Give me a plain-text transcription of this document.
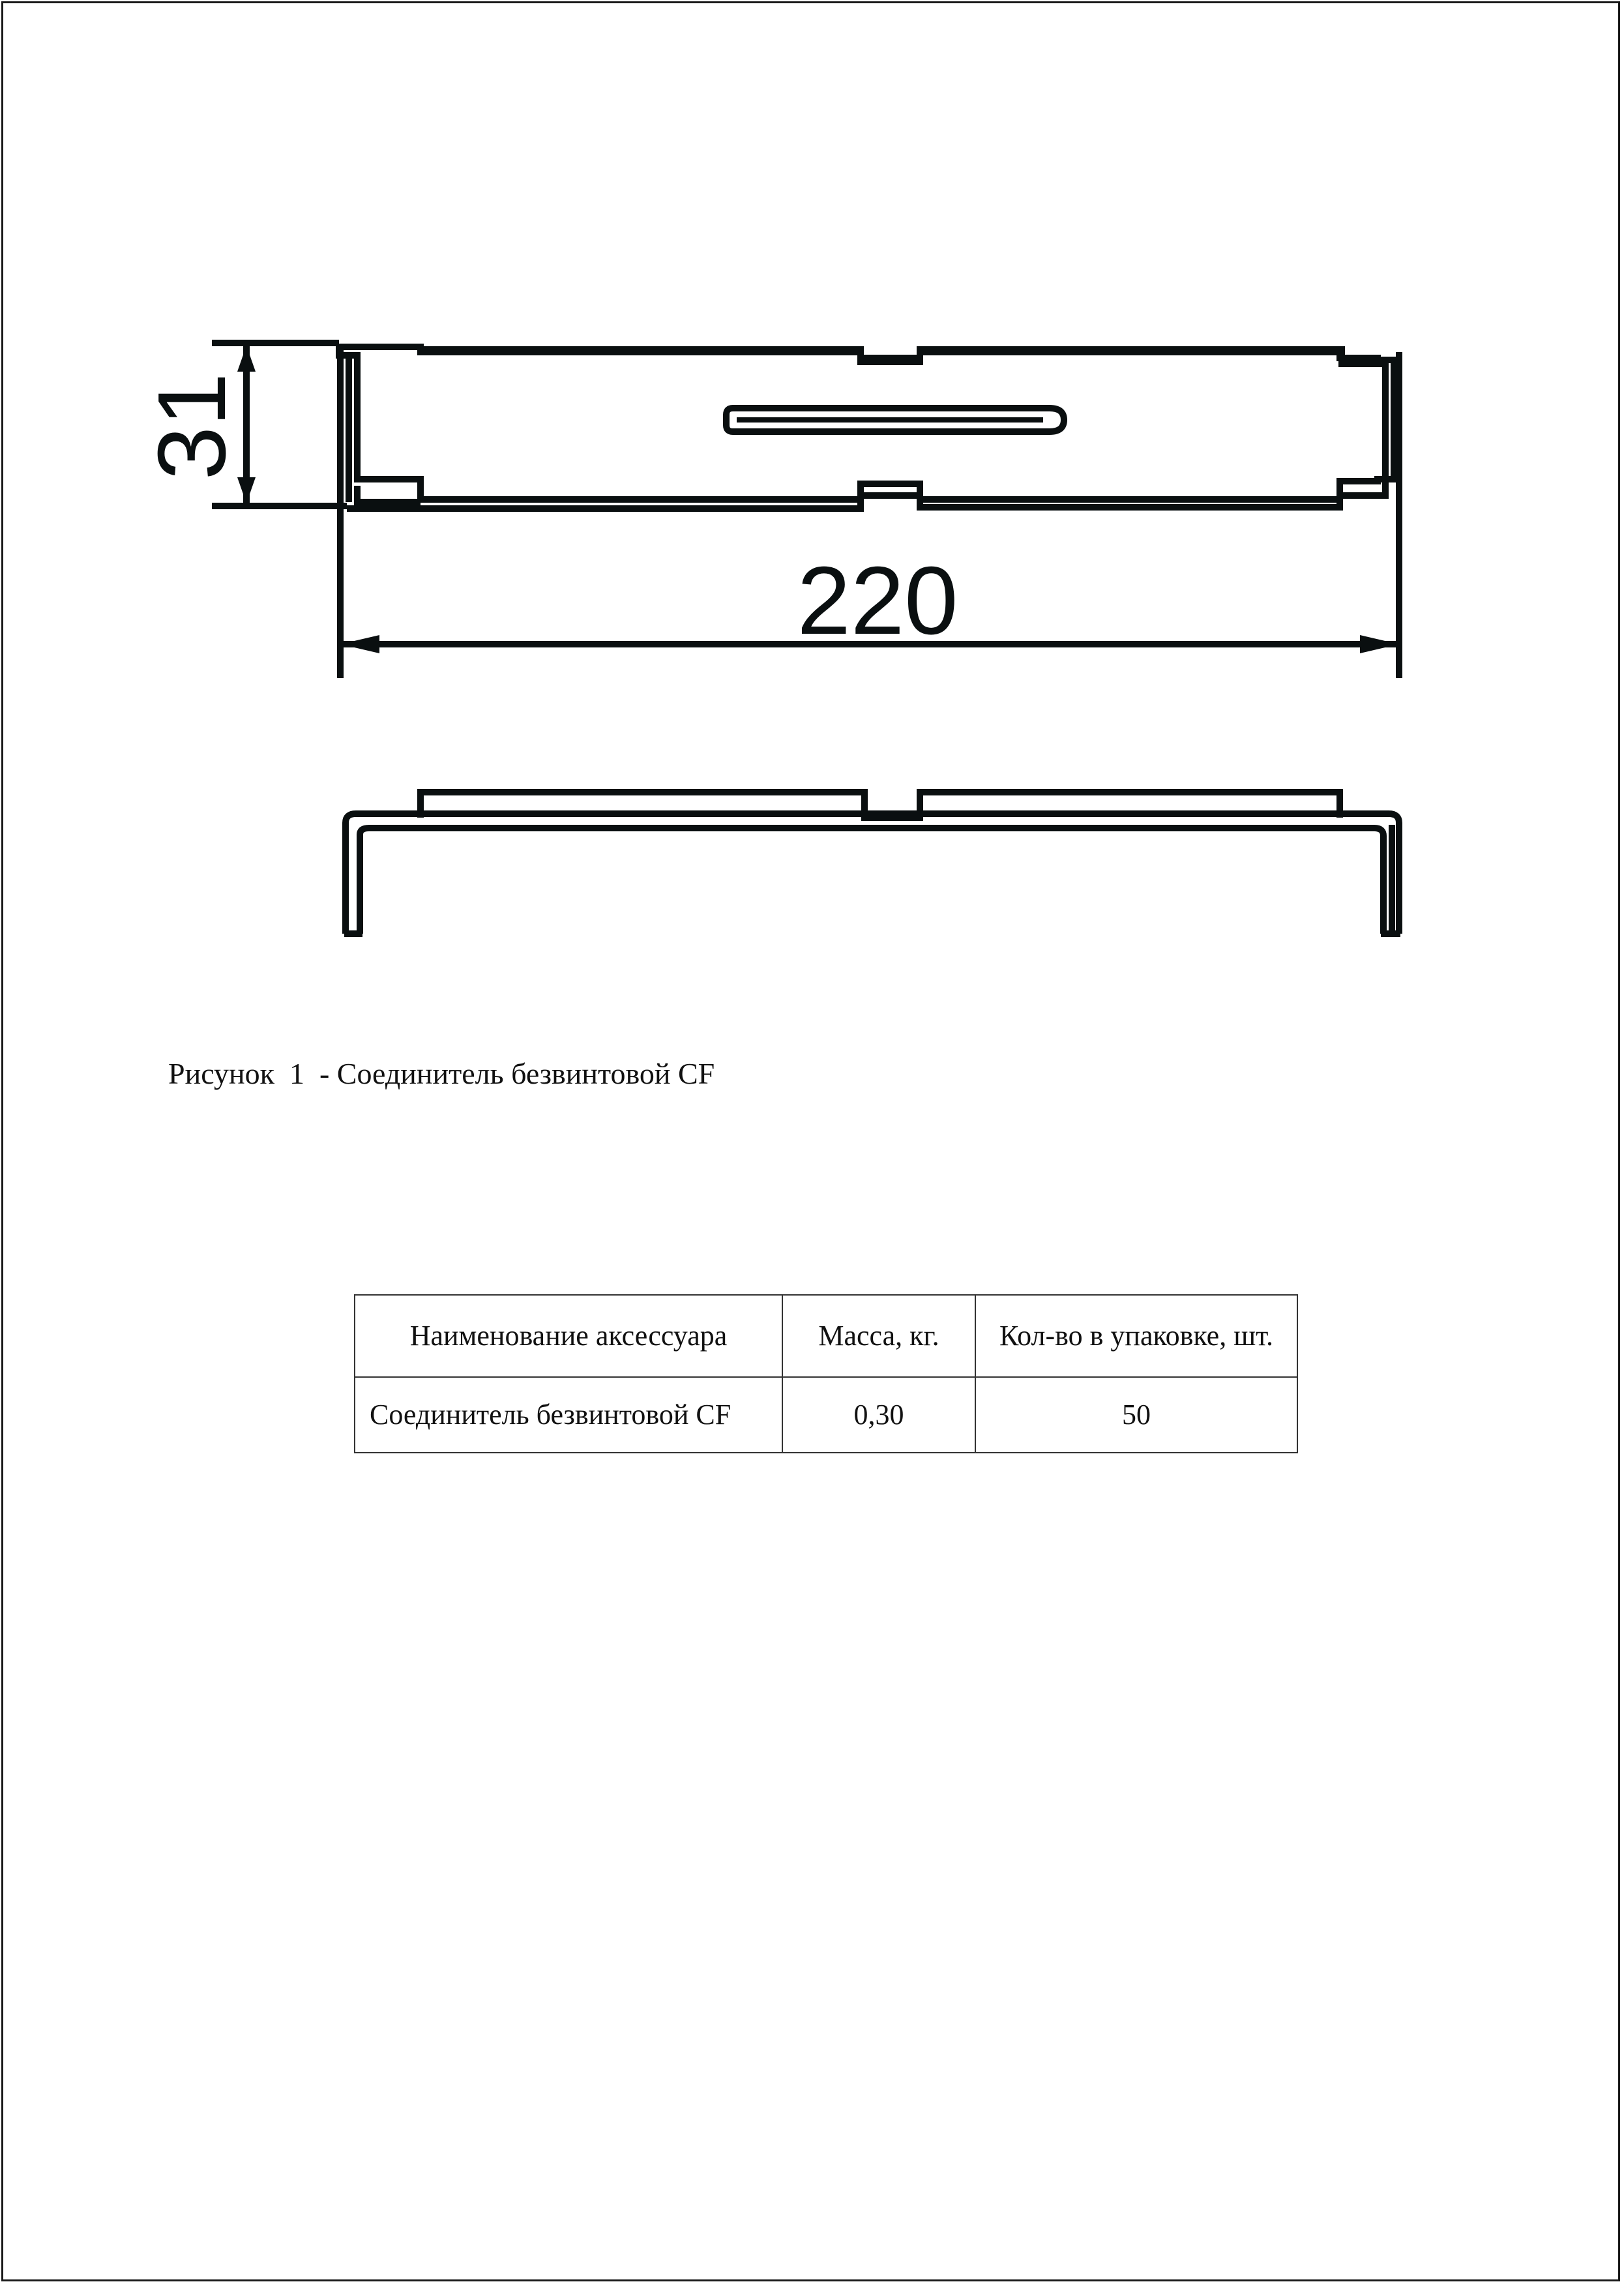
31
220
Рисунок 1 - Соединитель безвинтовой CF
Наименование аксессуара	Масса, кг.	Кол-во в упаковке, шт.
Соединитель безвинтовой CF	0,30	50
